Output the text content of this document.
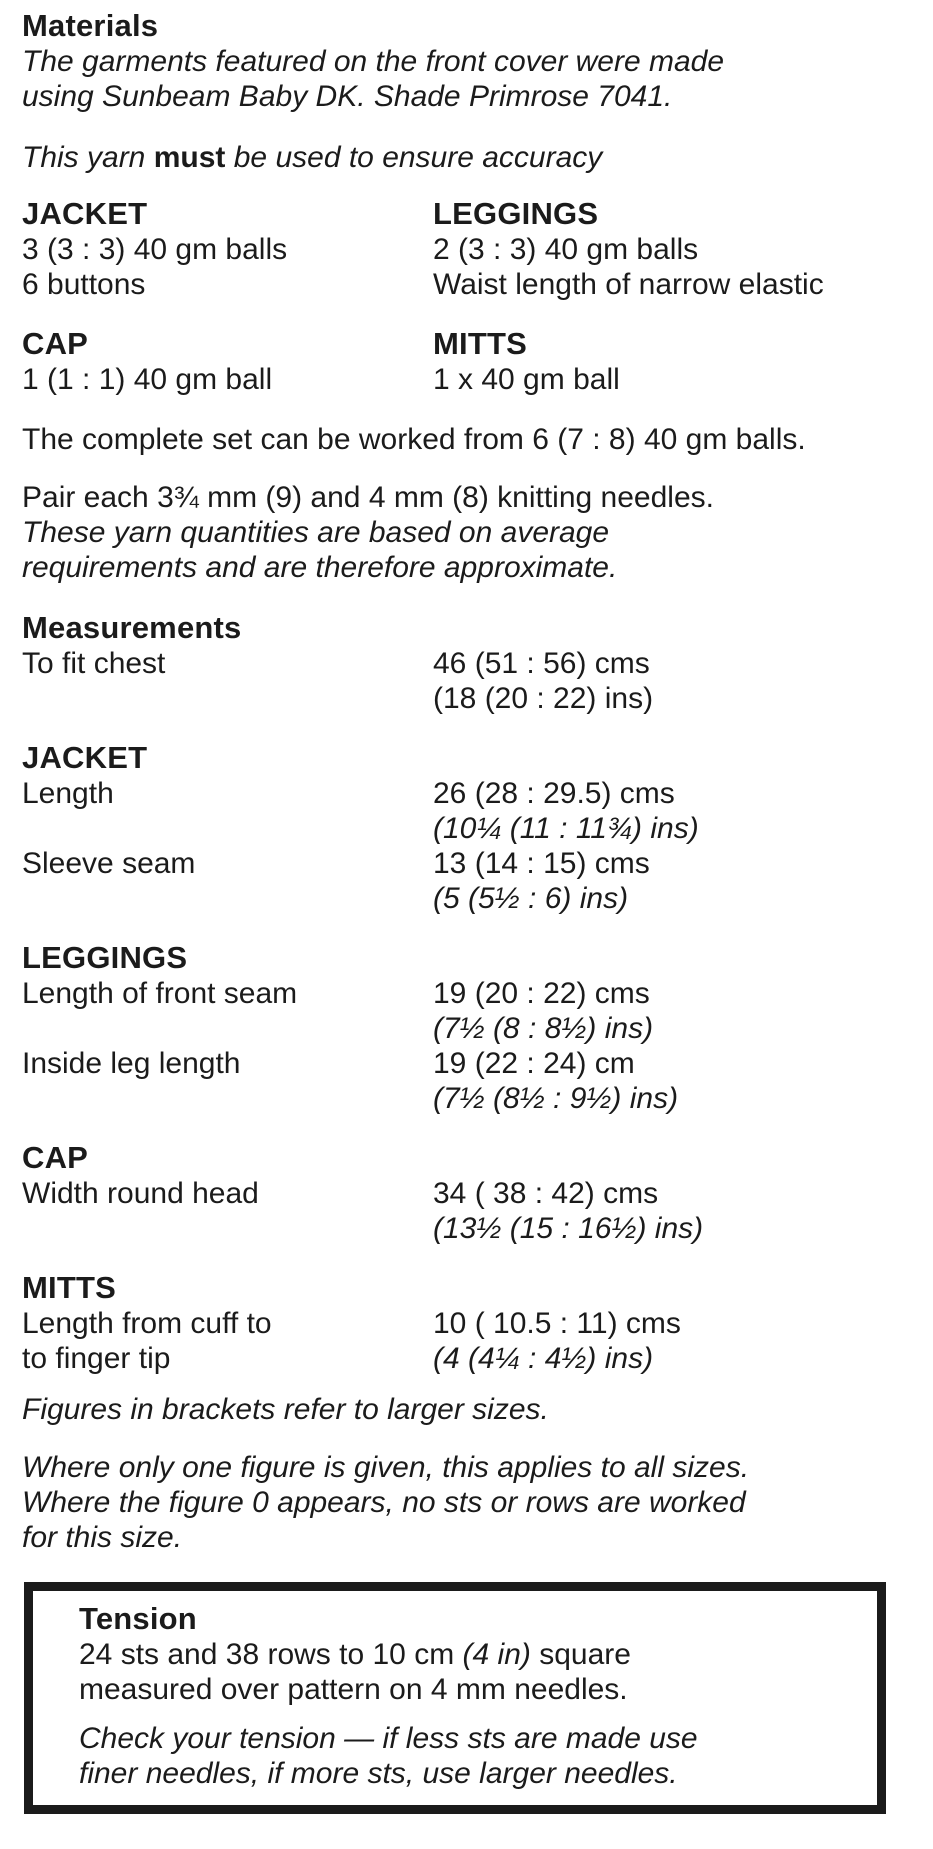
Materials
The garments featured on the front cover were made
using Sunbeam Baby DK. Shade Primrose 7041.
This yarn must be used to ensure accuracy
JACKET
3 (3 : 3) 40 gm balls
6 buttons
LEGGINGS
2 (3 : 3) 40 gm balls
Waist length of narrow elastic
CAP
1 (1 : 1) 40 gm ball
MITTS
1 x 40 gm ball
The complete set can be worked from 6 (7 : 8) 40 gm balls.
Pair each 3¾ mm (9) and 4 mm (8) knitting needles.
These yarn quantities are based on average
requirements and are therefore approximate.
Measurements
To fit chest	46 (51 : 56) cms
(18 (20 : 22) ins)
JACKET
Length	26 (28 : 29.5) cms
(10¼ (11 : 11¾) ins)
Sleeve seam	13 (14 : 15) cms
(5 (5½ : 6) ins)
LEGGINGS
Length of front seam	19 (20 : 22) cms
(7½ (8 : 8½) ins)
Inside leg length	19 (22 : 24) cm
(7½ (8½ : 9½) ins)
CAP
Width round head	34 ( 38 : 42) cms
(13½ (15 : 16½) ins)
MITTS
Length from cuff to	10 ( 10.5 : 11) cms
to finger tip	(4 (4¼ : 4½) ins)
Figures in brackets refer to larger sizes.
Where only one figure is given, this applies to all sizes.
Where the figure 0 appears, no sts or rows are worked
for this size.
Tension
24 sts and 38 rows to 10 cm (4 in) square
measured over pattern on 4 mm needles.
Check your tension — if less sts are made use
finer needles, if more sts, use larger needles.
